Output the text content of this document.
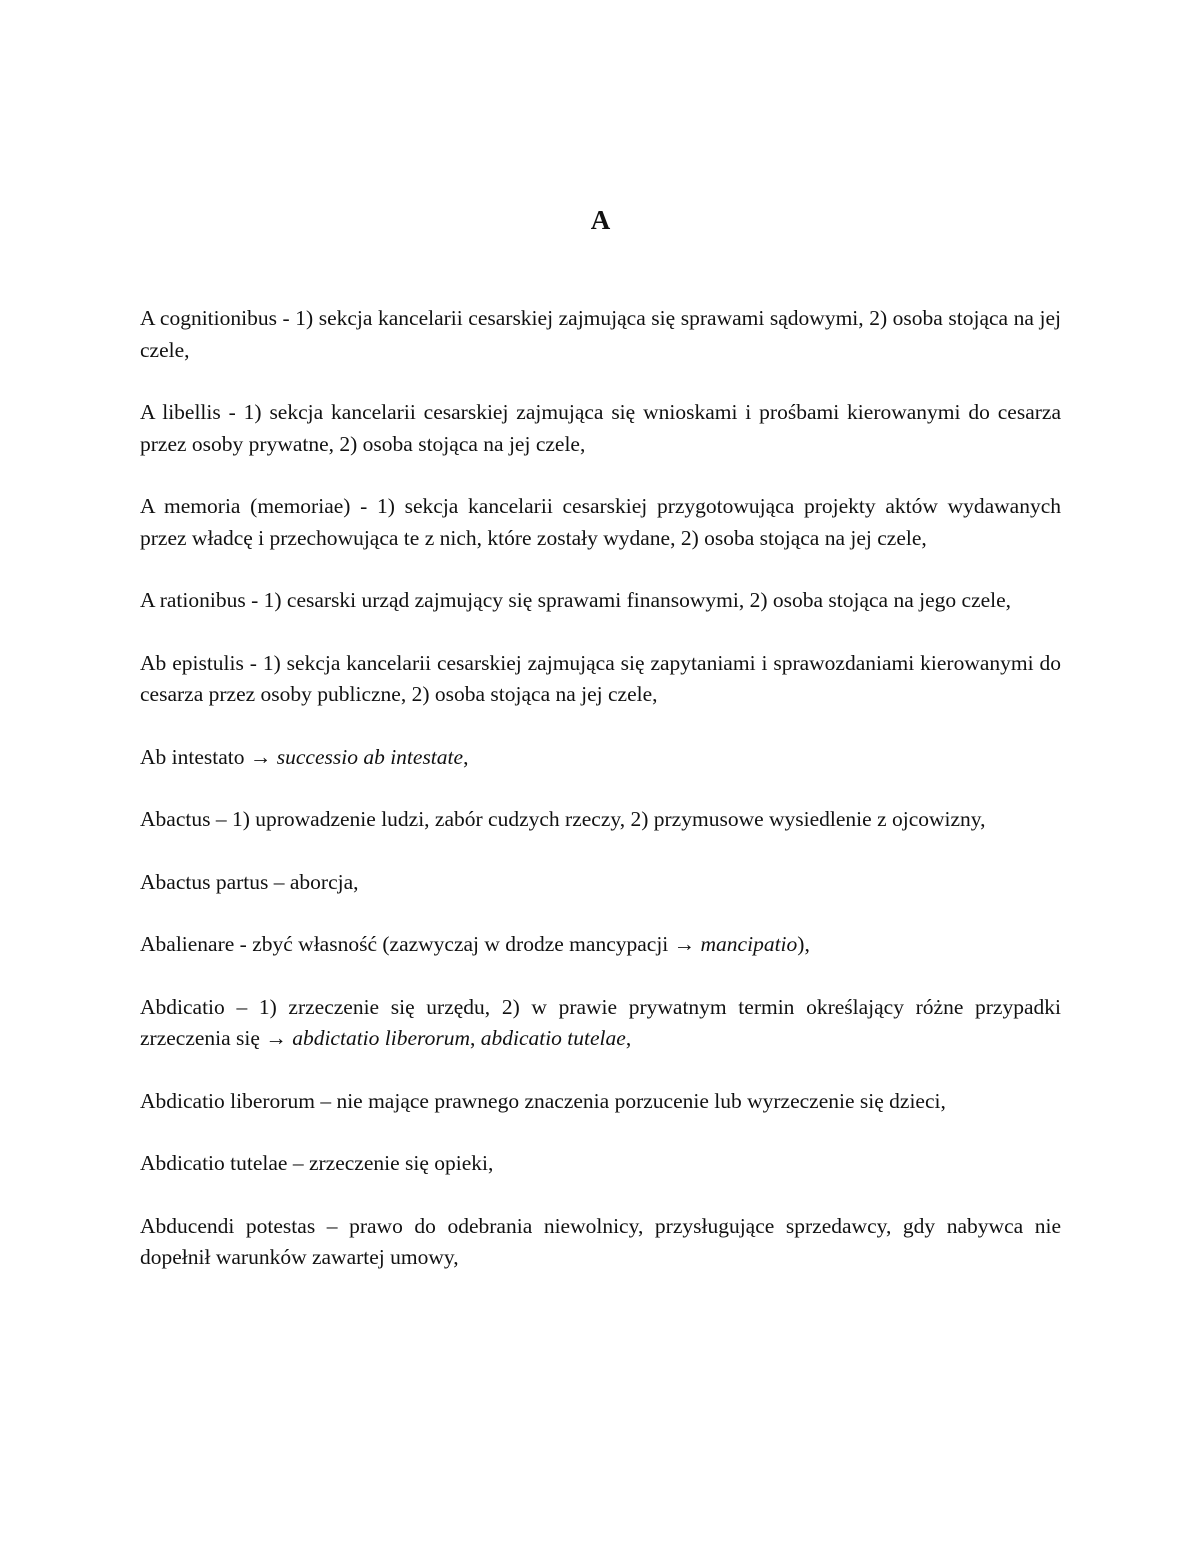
A

A cognitionibus - 1) sekcja kancelarii cesarskiej zajmująca się sprawami sądowymi, 2) osoba stojąca na jej czele,

A libellis - 1) sekcja kancelarii cesarskiej zajmująca się wnioskami i prośbami kierowanymi do cesarza przez osoby prywatne, 2) osoba stojąca na jej czele,

A memoria (memoriae) - 1) sekcja kancelarii cesarskiej przygotowująca projekty aktów wydawanych przez władcę i przechowująca te z nich, które zostały wydane, 2) osoba stojąca na jej czele,

A rationibus - 1) cesarski urząd zajmujący się sprawami finansowymi, 2) osoba stojąca na jego czele,

Ab epistulis - 1) sekcja kancelarii cesarskiej zajmująca się zapytaniami i sprawozdaniami kierowanymi do cesarza przez osoby publiczne, 2) osoba stojąca na jej czele,

Ab intestato → successio ab intestate,

Abactus – 1) uprowadzenie ludzi, zabór cudzych rzeczy, 2) przymusowe wysiedlenie z ojcowizny,

Abactus partus – aborcja,

Abalienare - zbyć własność (zazwyczaj w drodze mancypacji → mancipatio),

Abdicatio – 1) zrzeczenie się urzędu, 2) w prawie prywatnym termin określający różne przypadki zrzeczenia się → abdictatio liberorum, abdicatio tutelae,

Abdicatio liberorum – nie mające prawnego znaczenia porzucenie lub wyrzeczenie się dzieci,

Abdicatio tutelae – zrzeczenie się opieki,

Abducendi potestas – prawo do odebrania niewolnicy, przysługujące sprzedawcy, gdy nabywca nie dopełnił warunków zawartej umowy,
